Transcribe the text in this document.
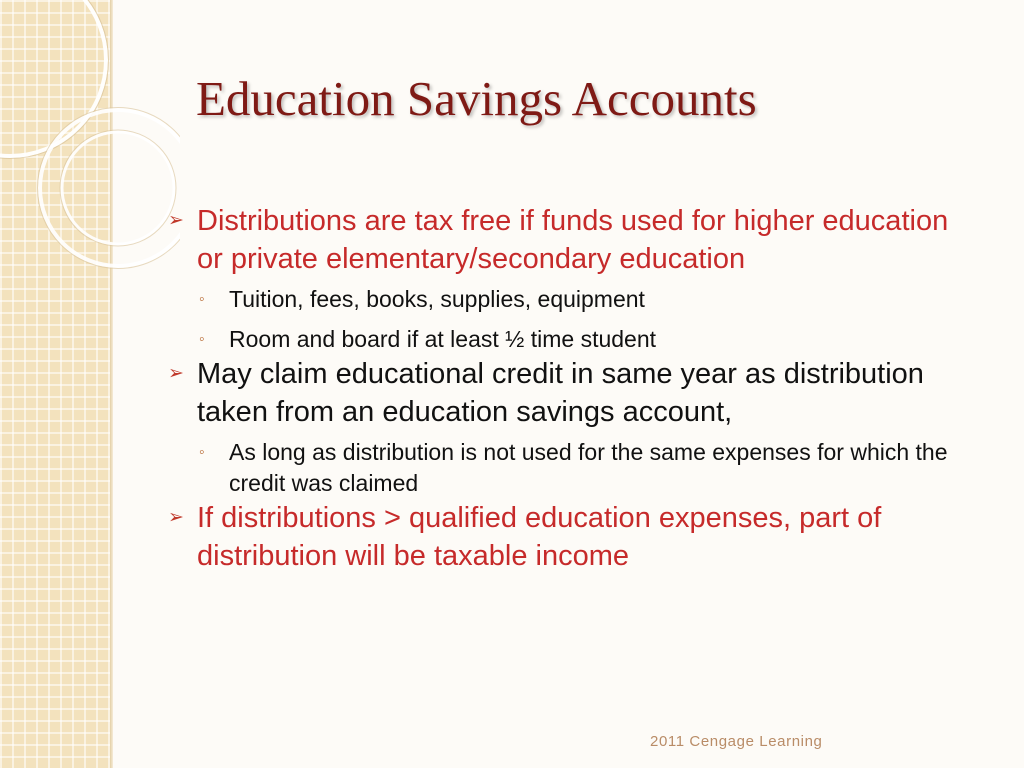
Education Savings Accounts
➢ Distributions are tax free if funds used for higher education or private elementary/secondary education
◦ Tuition, fees, books, supplies, equipment
◦ Room and board if at least ½ time student
➢ May claim educational credit in same year as distribution taken from an education savings account,
◦ As long as distribution is not used for the same expenses for which the credit was claimed
➢ If distributions > qualified education expenses, part of distribution will be taxable income
2011 Cengage Learning
